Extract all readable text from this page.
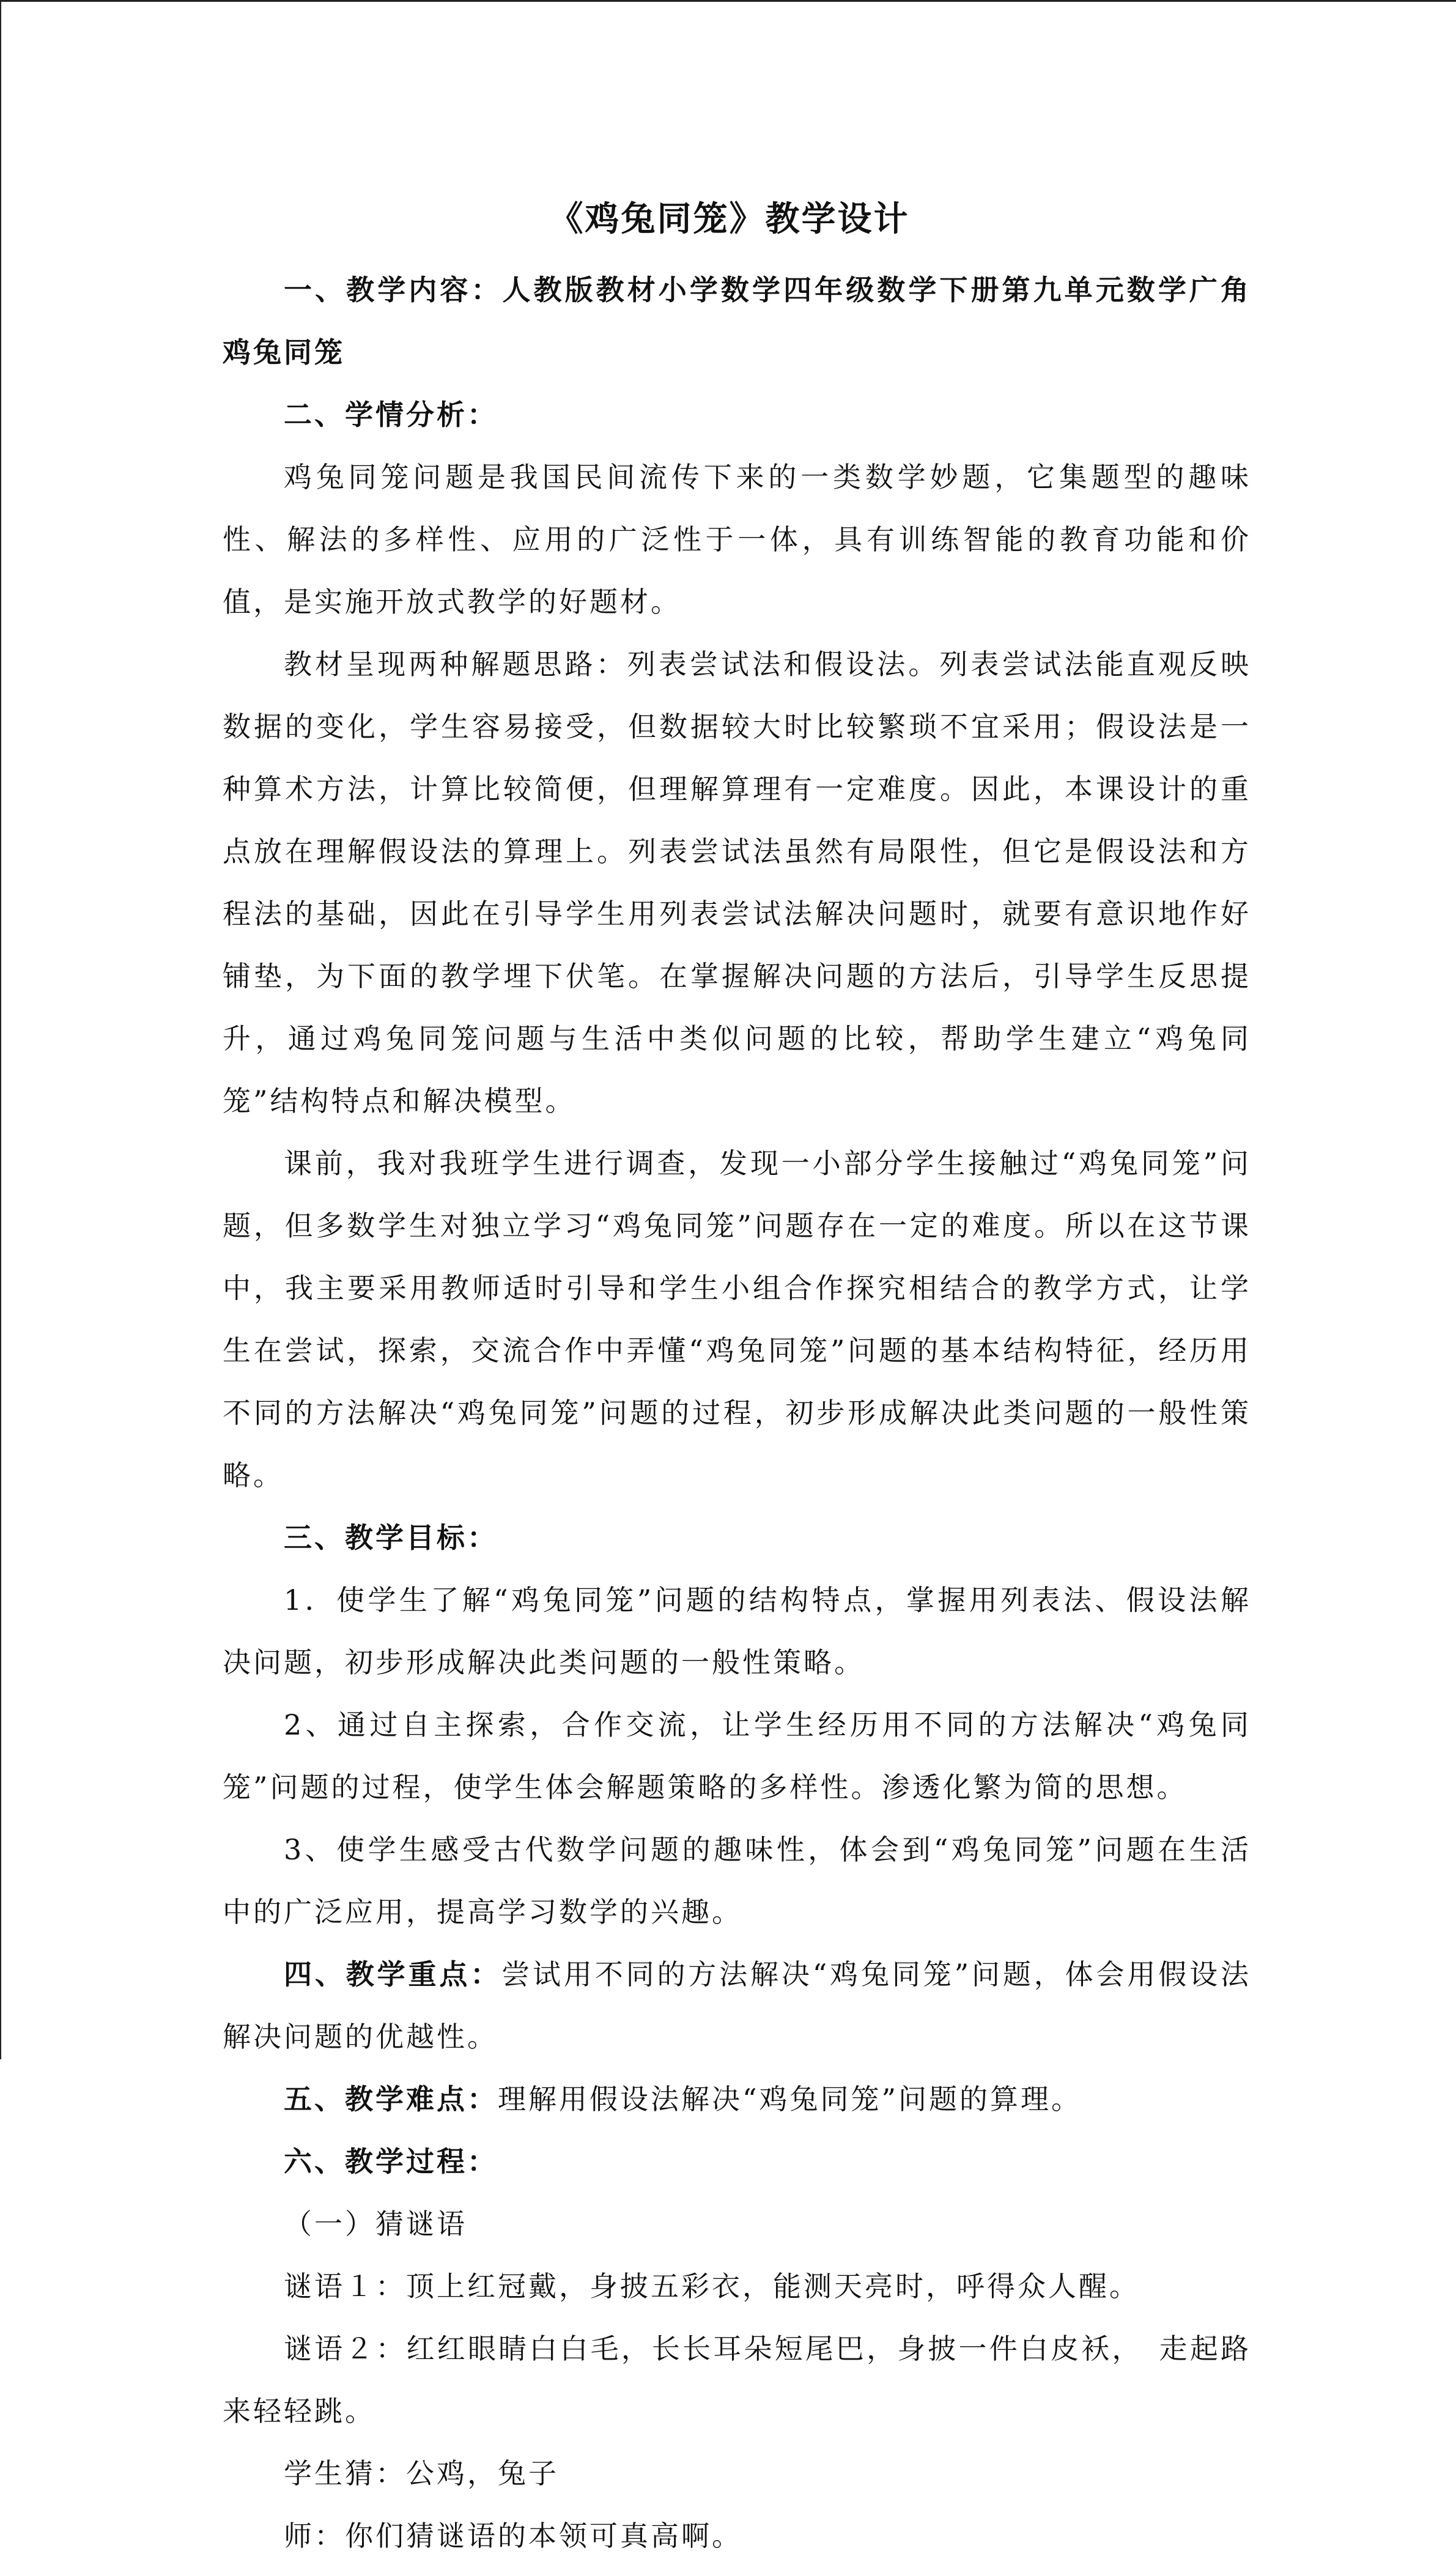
《鸡兔同笼》教学设计

一、教学内容：人教版教材小学数学四年级数学下册第九单元数学广角鸡兔同笼

二、学情分析：

鸡兔同笼问题是我国民间流传下来的一类数学妙题，它集题型的趣味性、解法的多样性、应用的广泛性于一体，具有训练智能的教育功能和价值，是实施开放式教学的好题材。

教材呈现两种解题思路：列表尝试法和假设法。列表尝试法能直观反映数据的变化，学生容易接受，但数据较大时比较繁琐不宜采用；假设法是一种算术方法，计算比较简便，但理解算理有一定难度。因此，本课设计的重点放在理解假设法的算理上。列表尝试法虽然有局限性，但它是假设法和方程法的基础，因此在引导学生用列表尝试法解决问题时，就要有意识地作好铺垫，为下面的教学埋下伏笔。在掌握解决问题的方法后，引导学生反思提升，通过鸡兔同笼问题与生活中类似问题的比较，帮助学生建立“鸡兔同笼”结构特点和解决模型。

课前，我对我班学生进行调查，发现一小部分学生接触过“鸡兔同笼”问题，但多数学生对独立学习“鸡兔同笼”问题存在一定的难度。所以在这节课中，我主要采用教师适时引导和学生小组合作探究相结合的教学方式，让学生在尝试，探索，交流合作中弄懂“鸡兔同笼”问题的基本结构特征，经历用不同的方法解决“鸡兔同笼”问题的过程，初步形成解决此类问题的一般性策略。

三、教学目标：

1．使学生了解“鸡兔同笼”问题的结构特点，掌握用列表法、假设法解决问题，初步形成解决此类问题的一般性策略。

2、通过自主探索，合作交流，让学生经历用不同的方法解决“鸡兔同笼”问题的过程，使学生体会解题策略的多样性。渗透化繁为简的思想。

3、使学生感受古代数学问题的趣味性，体会到“鸡兔同笼”问题在生活中的广泛应用，提高学习数学的兴趣。

四、教学重点：尝试用不同的方法解决“鸡兔同笼”问题，体会用假设法解决问题的优越性。

五、教学难点：理解用假设法解决“鸡兔同笼”问题的算理。

六、教学过程：

（一）猜谜语

谜语１：顶上红冠戴，身披五彩衣，能测天亮时，呼得众人醒。

谜语２：红红眼睛白白毛，长长耳朵短尾巴，身披一件白皮袄，　走起路来轻轻跳。

学生猜：公鸡，兔子

师：你们猜谜语的本领可真高啊。
